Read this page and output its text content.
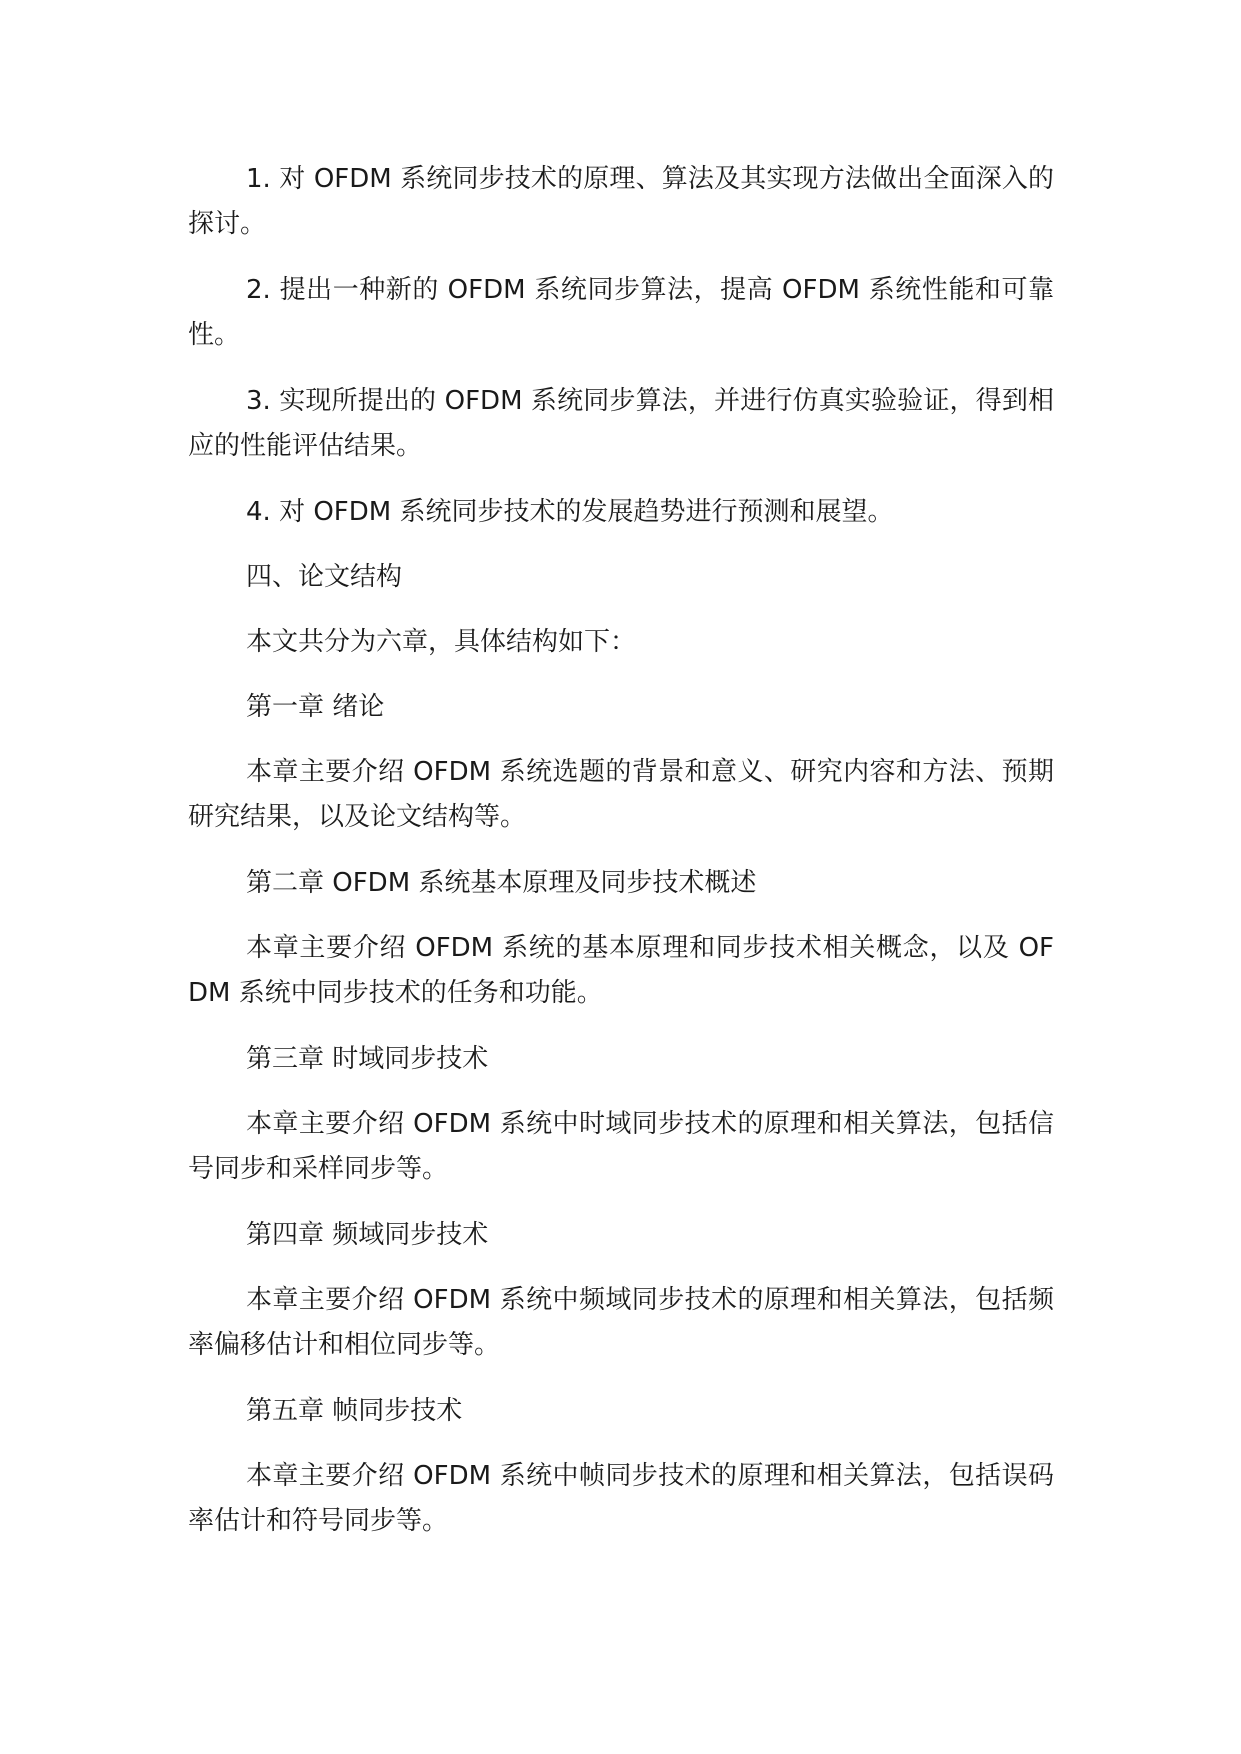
1. 对 OFDM 系统同步技术的原理、算法及其实现方法做出全面深入的探讨。

2. 提出一种新的 OFDM 系统同步算法，提高 OFDM 系统性能和可靠性。

3. 实现所提出的 OFDM 系统同步算法，并进行仿真实验验证，得到相应的性能评估结果。

4. 对 OFDM 系统同步技术的发展趋势进行预测和展望。

四、论文结构

本文共分为六章，具体结构如下：

第一章 绪论

本章主要介绍 OFDM 系统选题的背景和意义、研究内容和方法、预期研究结果，以及论文结构等。

第二章 OFDM 系统基本原理及同步技术概述

本章主要介绍 OFDM 系统的基本原理和同步技术相关概念，以及 OFDM 系统中同步技术的任务和功能。

第三章 时域同步技术

本章主要介绍 OFDM 系统中时域同步技术的原理和相关算法，包括信号同步和采样同步等。

第四章 频域同步技术

本章主要介绍 OFDM 系统中频域同步技术的原理和相关算法，包括频率偏移估计和相位同步等。

第五章 帧同步技术

本章主要介绍 OFDM 系统中帧同步技术的原理和相关算法，包括误码率估计和符号同步等。
